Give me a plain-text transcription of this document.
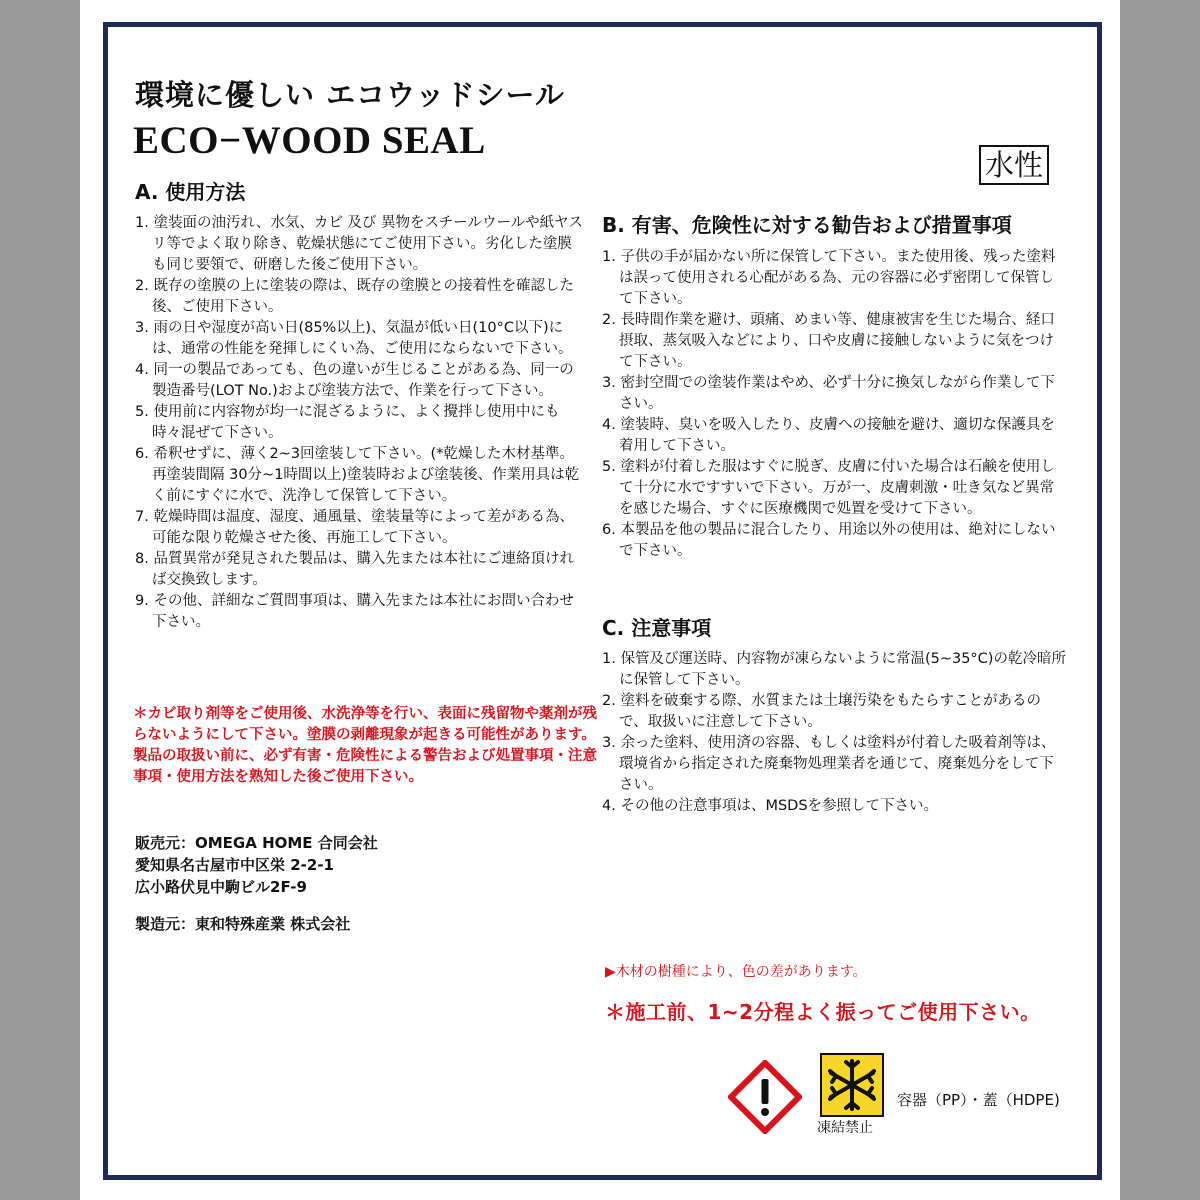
環境に優しい エコウッドシール
ECO−WOOD SEAL
水性
A. 使用方法
1. 塗装面の油汚れ、水気、カビ 及び 異物をスチールウールや紙ヤスリ等でよく取り除き、乾燥状態にてご使用下さい。劣化した塗膜も同じ要領で、研磨した後ご使用下さい。
2. 既存の塗膜の上に塗装の際は、既存の塗膜との接着性を確認した後、ご使用下さい。
3. 雨の日や湿度が高い日(85%以上)、気温が低い日(10°C以下)には、通常の性能を発揮しにくい為、ご使用にならないで下さい。
4. 同一の製品であっても、色の違いが生じることがある為、同一の製造番号(LOT No.)および塗装方法で、作業を行って下さい。
5. 使用前に内容物が均一に混ざるように、よく攪拌し使用中にも時々混ぜて下さい。
6. 希釈せずに、薄く2~3回塗装して下さい。(*乾燥した木材基準。再塗装間隔 30分~1時間以上)塗装時および塗装後、作業用具は乾く前にすぐに水で、洗浄して保管して下さい。
7. 乾燥時間は温度、湿度、通風量、塗装量等によって差がある為、可能な限り乾燥させた後、再施工して下さい。
8. 品質異常が発見された製品は、購入先または本社にご連絡頂ければ交換致します。
9. その他、詳細なご質問事項は、購入先または本社にお問い合わせ下さい。
＊カビ取り剤等をご使用後、水洗浄等を行い、表面に残留物や薬剤が残らないようにして下さい。塗膜の剥離現象が起きる可能性があります。製品の取扱い前に、必ず有害・危険性による警告および処置事項・注意事項・使用方法を熟知した後ご使用下さい。
販売元：OMEGA HOME 合同会社
愛知県名古屋市中区栄 2-2-1
広小路伏見中駒ビル2F-9
製造元：東和特殊産業 株式会社
B. 有害、危険性に対する勧告および措置事項
1. 子供の手が届かない所に保管して下さい。また使用後、残った塗料は誤って使用される心配がある為、元の容器に必ず密閉して保管して下さい。
2. 長時間作業を避け、頭痛、めまい等、健康被害を生じた場合、経口摂取、蒸気吸入などにより、口や皮膚に接触しないように気をつけて下さい。
3. 密封空間での塗装作業はやめ、必ず十分に換気しながら作業して下さい。
4. 塗装時、臭いを吸入したり、皮膚への接触を避け、適切な保護具を着用して下さい。
5. 塗料が付着した服はすぐに脱ぎ、皮膚に付いた場合は石鹸を使用して十分に水ですすいで下さい。万が一、皮膚刺激・吐き気など異常を感じた場合、すぐに医療機関で処置を受けて下さい。
6. 本製品を他の製品に混合したり、用途以外の使用は、絶対にしないで下さい。
C. 注意事項
1. 保管及び運送時、内容物が凍らないように常温(5~35°C)の乾冷暗所に保管して下さい。
2. 塗料を破棄する際、水質または土壌汚染をもたらすことがあるので、取扱いに注意して下さい。
3. 余った塗料、使用済の容器、もしくは塗料が付着した吸着剤等は、環境省から指定された廃棄物処理業者を通じて、廃棄処分をして下さい。
4. その他の注意事項は、MSDSを参照して下さい。
▶木材の樹種により、色の差があります。
＊施工前、1~2分程よく振ってご使用下さい。
凍結禁止
容器（PP）・蓋（HDPE)
